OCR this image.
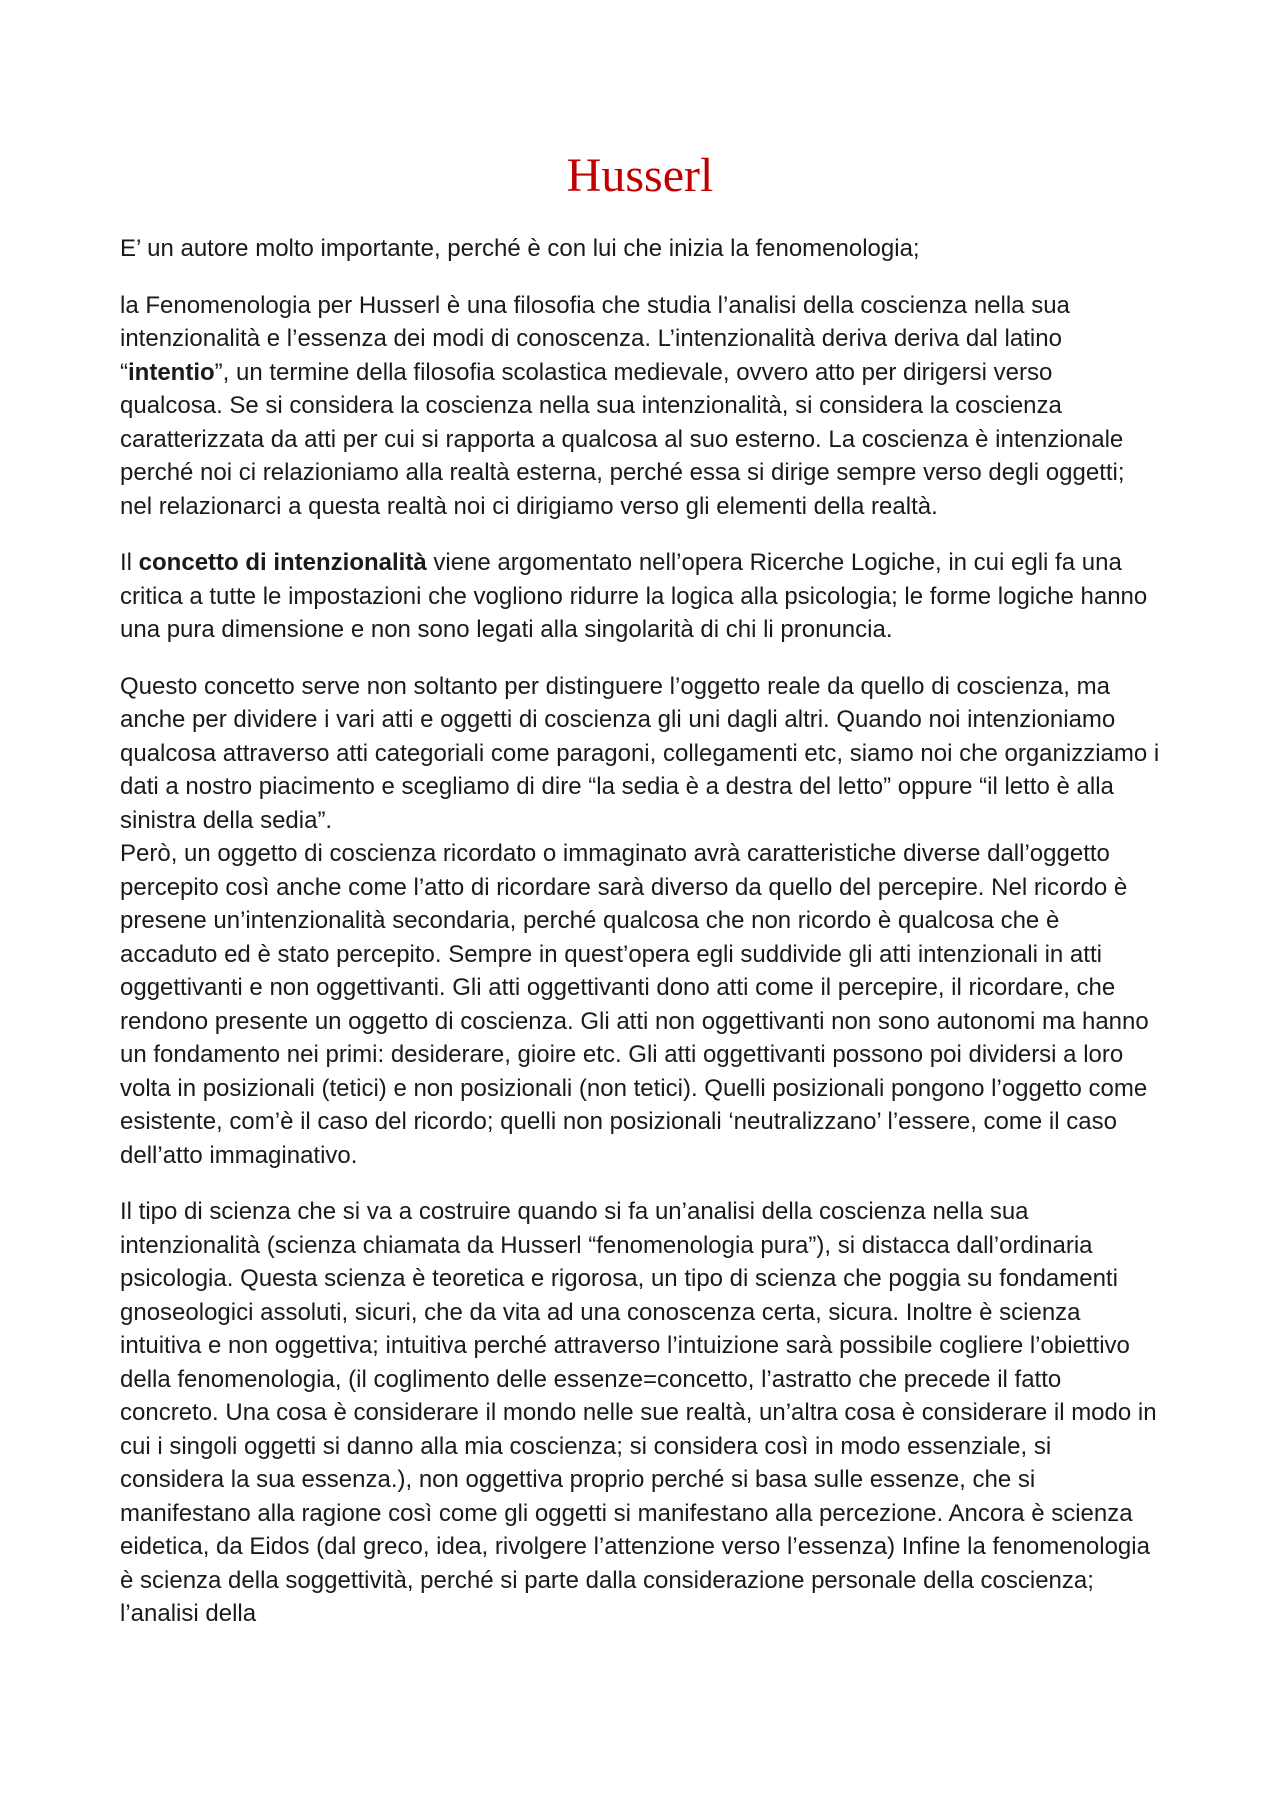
Husserl

E’ un autore molto importante, perché è con lui che inizia la fenomenologia;

la Fenomenologia per Husserl è una filosofia che studia l’analisi della coscienza nella sua intenzionalità e l’essenza dei modi di conoscenza. L’intenzionalità deriva deriva dal latino “intentio”, un termine della filosofia scolastica medievale, ovvero atto per dirigersi verso qualcosa. Se si considera la coscienza nella sua intenzionalità, si considera la coscienza caratterizzata da atti per cui si rapporta a qualcosa al suo esterno. La coscienza è intenzionale perché noi ci relazioniamo alla realtà esterna, perché essa si dirige sempre verso degli oggetti; nel relazionarci a questa realtà noi ci dirigiamo verso gli elementi della realtà.

Il concetto di intenzionalità viene argomentato nell’opera Ricerche Logiche, in cui egli fa una critica a tutte le impostazioni che vogliono ridurre la logica alla psicologia; le forme logiche hanno una pura dimensione e non sono legati alla singolarità di chi li pronuncia.

Questo concetto serve non soltanto per distinguere l’oggetto reale da quello di coscienza, ma anche per dividere i vari atti e oggetti di coscienza gli uni dagli altri. Quando noi intenzioniamo qualcosa attraverso atti categoriali come paragoni, collegamenti etc, siamo noi che organizziamo i dati a nostro piacimento e scegliamo di dire “la sedia è a destra del letto” oppure “il letto è alla sinistra della sedia”.

Però, un oggetto di coscienza ricordato o immaginato avrà caratteristiche diverse dall’oggetto percepito così anche come l’atto di ricordare sarà diverso da quello del percepire. Nel ricordo è presene un’intenzionalità secondaria, perché qualcosa che non ricordo è qualcosa che è accaduto ed è stato percepito. Sempre in quest’opera egli suddivide gli atti intenzionali in atti oggettivanti e non oggettivanti. Gli atti oggettivanti dono atti come il percepire, il ricordare, che rendono presente un oggetto di coscienza. Gli atti non oggettivanti non sono autonomi ma hanno un fondamento nei primi: desiderare, gioire etc. Gli atti oggettivanti possono poi dividersi a loro volta in posizionali (tetici) e non posizionali (non tetici). Quelli posizionali pongono l’oggetto come esistente, com’è il caso del ricordo; quelli non posizionali ‘neutralizzano’ l’essere, come il caso dell’atto immaginativo.

Il tipo di scienza che si va a costruire quando si fa un’analisi della coscienza nella sua intenzionalità (scienza chiamata da Husserl “fenomenologia pura”), si distacca dall’ordinaria psicologia. Questa scienza è teoretica e rigorosa, un tipo di scienza che poggia su fondamenti gnoseologici assoluti, sicuri, che da vita ad una conoscenza certa, sicura. Inoltre è scienza intuitiva e non oggettiva; intuitiva perché attraverso l’intuizione sarà possibile cogliere l’obiettivo della fenomenologia, (il coglimento delle essenze=concetto, l’astratto che precede il fatto concreto. Una cosa è considerare il mondo nelle sue realtà, un’altra cosa è considerare il modo in cui i singoli oggetti si danno alla mia coscienza; si considera così in modo essenziale, si considera la sua essenza.), non oggettiva proprio perché si basa sulle essenze, che si manifestano alla ragione così come gli oggetti si manifestano alla percezione. Ancora è scienza eidetica, da Eidos (dal greco, idea, rivolgere l’attenzione verso l’essenza) Infine la fenomenologia è scienza della soggettività, perché si parte dalla considerazione personale della coscienza; l’analisi della
